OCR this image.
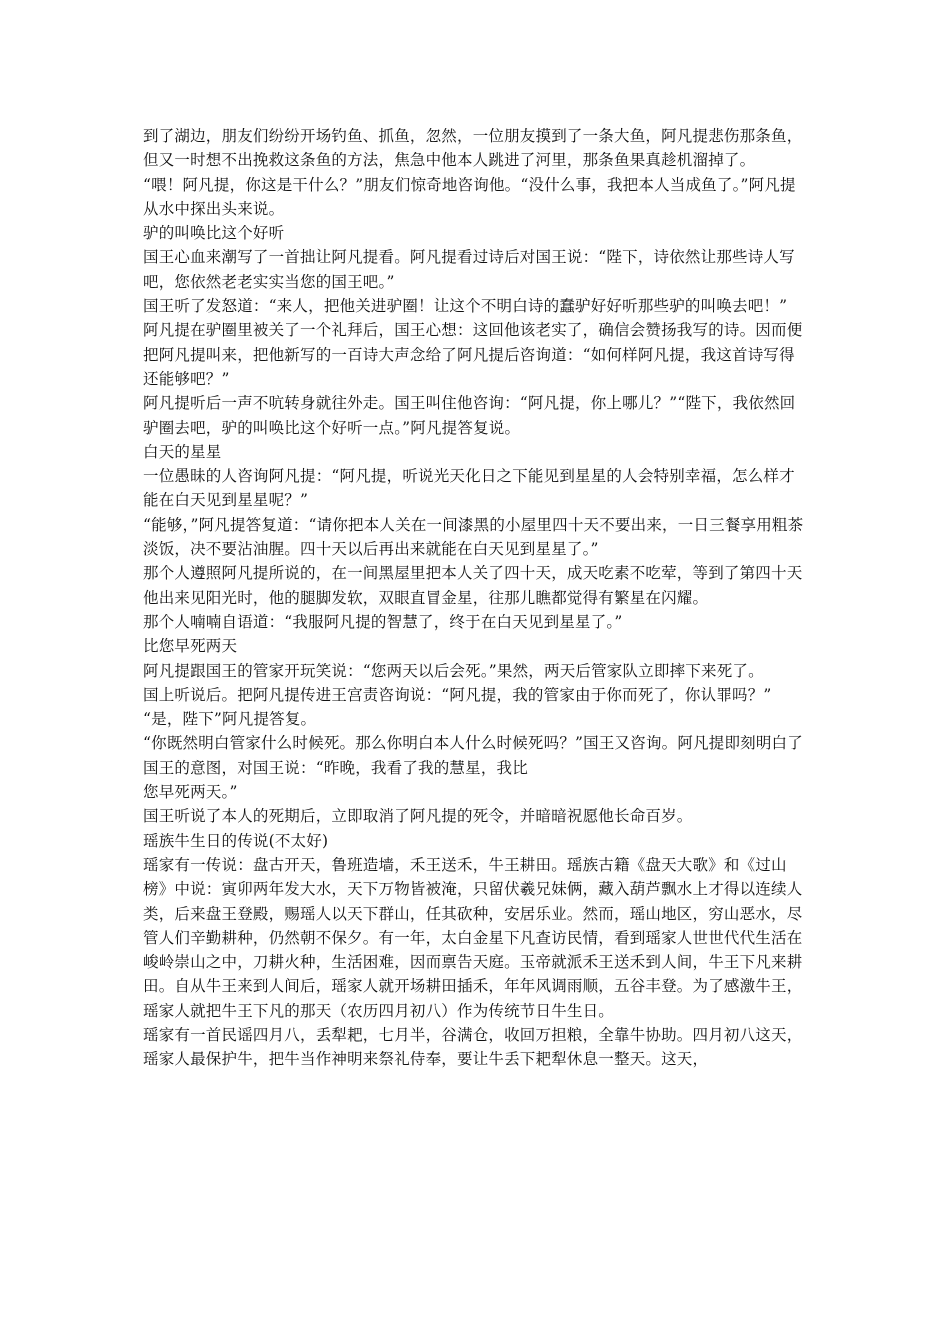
到了湖边，朋友们纷纷开场钓鱼、抓鱼，忽然，一位朋友摸到了一条大鱼，阿凡提悲伤那条鱼，但又一时想不出挽救这条鱼的方法，焦急中他本人跳进了河里，那条鱼果真趁机溜掉了。

“喂！阿凡提，你这是干什么？”朋友们惊奇地咨询他。“没什么事，我把本人当成鱼了。”阿凡提从水中探出头来说。

驴的叫唤比这个好听

国王心血来潮写了一首拙让阿凡提看。阿凡提看过诗后对国王说：“陛下，诗依然让那些诗人写吧，您依然老老实实当您的国王吧。”

国王听了发怒道：“来人，把他关进驴圈！让这个不明白诗的蠢驴好好听那些驴的叫唤去吧！”

阿凡提在驴圈里被关了一个礼拜后，国王心想：这回他该老实了，确信会赞扬我写的诗。因而便把阿凡提叫来，把他新写的一百诗大声念给了阿凡提后咨询道：“如何样阿凡提，我这首诗写得还能够吧？”

阿凡提听后一声不吭转身就往外走。国王叫住他咨询：“阿凡提，你上哪儿？”“陛下，我依然回驴圈去吧，驴的叫唤比这个好听一点。”阿凡提答复说。

白天的星星

一位愚昧的人咨询阿凡提：“阿凡提，听说光天化日之下能见到星星的人会特别幸福，怎么样才能在白天见到星星呢？”

“能够，”阿凡提答复道：“请你把本人关在一间漆黑的小屋里四十天不要出来，一日三餐享用粗茶淡饭，决不要沾油腥。四十天以后再出来就能在白天见到星星了。”

那个人遵照阿凡提所说的，在一间黑屋里把本人关了四十天，成天吃素不吃荤，等到了第四十天他出来见阳光时，他的腿脚发软，双眼直冒金星，往那儿瞧都觉得有繁星在闪耀。

那个人喃喃自语道：“我服阿凡提的智慧了，终于在白天见到星星了。”

比您早死两天

阿凡提跟国王的管家开玩笑说：“您两天以后会死。”果然，两天后管家队立即摔下来死了。

国上听说后。把阿凡提传进王宫责咨询说：“阿凡提，我的管家由于你而死了，你认罪吗？”

“是，陛下”阿凡提答复。

“你既然明白管家什么时候死。那么你明白本人什么时候死吗？”国王又咨询。阿凡提即刻明白了国王的意图，对国王说：“昨晚，我看了我的慧星，我比

您早死两天。”

国王听说了本人的死期后，立即取消了阿凡提的死令，并暗暗祝愿他长命百岁。

瑶族牛生日的传说(不太好)

瑶家有一传说：盘古开天，鲁班造墙，禾王送禾，牛王耕田。瑶族古籍《盘天大歌》和《过山榜》中说：寅卯两年发大水，天下万物皆被淹，只留伏羲兄妹俩，藏入葫芦飘水上才得以连续人类，后来盘王登殿，赐瑶人以天下群山，任其砍种，安居乐业。然而，瑶山地区，穷山恶水，尽管人们辛勤耕种，仍然朝不保夕。有一年，太白金星下凡查访民情，看到瑶家人世世代代生活在峻岭崇山之中，刀耕火种，生活困难，因而禀告天庭。玉帝就派禾王送禾到人间，牛王下凡来耕田。自从牛王来到人间后，瑶家人就开场耕田插禾，年年风调雨顺，五谷丰登。为了感激牛王，瑶家人就把牛王下凡的那天（农历四月初八）作为传统节日牛生日。

瑶家有一首民谣四月八，丢犁耙，七月半，谷满仓，收回万担粮，全靠牛协助。四月初八这天，瑶家人最保护牛，把牛当作神明来祭礼侍奉，要让牛丢下耙犁休息一整天。这天，
